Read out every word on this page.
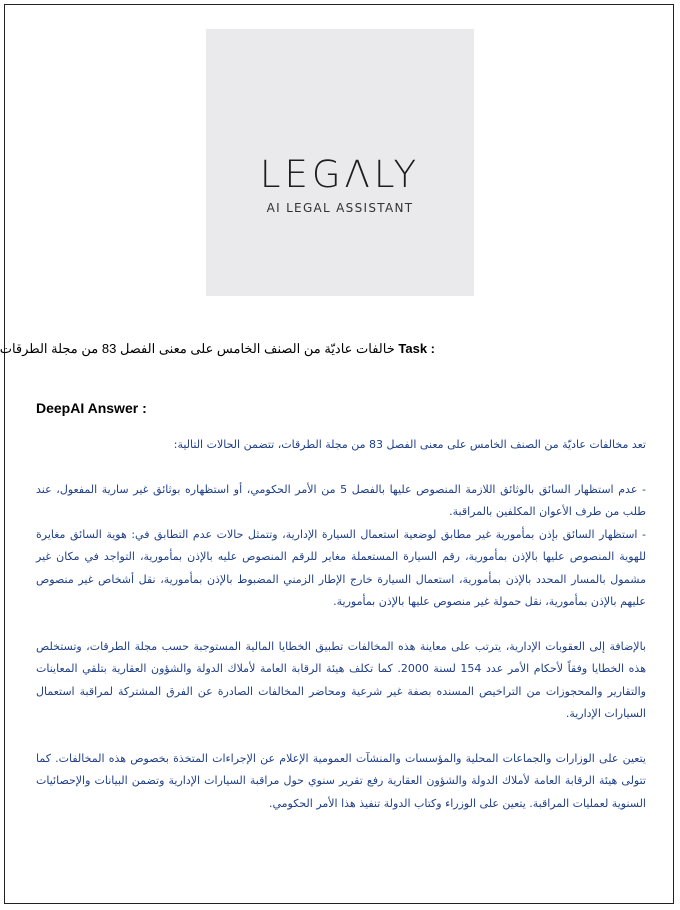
LEGΛLY
AI LEGAL ASSISTANT
خالفات عاديّة من الصنف الخامس على معنى الفصل 83 من مجلة الطرقات Task :
DeepAI Answer :

تعد مخالفات عاديّة من الصنف الخامس على معنى الفصل 83 من مجلة الطرقات، تتضمن الحالات التالية:

- عدم استظهار السائق بالوثائق اللازمة المنصوص عليها بالفصل 5 من الأمر الحكومي، أو استظهاره بوثائق غير سارية المفعول، عند طلب من طرف الأعوان المكلفين بالمراقبة.

- استظهار السائق بإذن بمأمورية غير مطابق لوضعية استعمال السيارة الإدارية، وتتمثل حالات عدم التطابق في: هوية السائق مغايرة للهوية المنصوص عليها بالإذن بمأمورية، رقم السيارة المستعملة مغاير للرقم المنصوص عليه بالإذن بمأمورية، التواجد في مكان غير مشمول بالمسار المحدد بالإذن بمأمورية، استعمال السيارة خارج الإطار الزمني المضبوط بالإذن بمأمورية، نقل أشخاص غير منصوص عليهم بالإذن بمأمورية، نقل حمولة غير منصوص عليها بالإذن بمأمورية.

بالإضافة إلى العقوبات الإدارية، يترتب على معاينة هذه المخالفات تطبيق الخطايا المالية المستوجبة حسب مجلة الطرقات، وتستخلص هذه الخطايا وفقاً لأحكام الأمر عدد 154 لسنة 2000. كما تكلف هيئة الرقابة العامة لأملاك الدولة والشؤون العقارية بتلقي المعاينات والتقارير والمحجوزات من التراخيص المسنده بصفة غير شرعية ومحاضر المخالفات الصادرة عن الفرق المشتركة لمراقبة استعمال السيارات الإدارية.

يتعين على الوزارات والجماعات المحلية والمؤسسات والمنشآت العمومية الإعلام عن الإجراءات المتخذة بخصوص هذه المخالفات. كما تتولى هيئة الرقابة العامة لأملاك الدولة والشؤون العقارية رفع تقرير سنوي حول مراقبة السيارات الإدارية وتضمن البيانات والإحصائيات السنوية لعمليات المراقبة. يتعين على الوزراء وكتاب الدولة تنفيذ هذا الأمر الحكومي.
